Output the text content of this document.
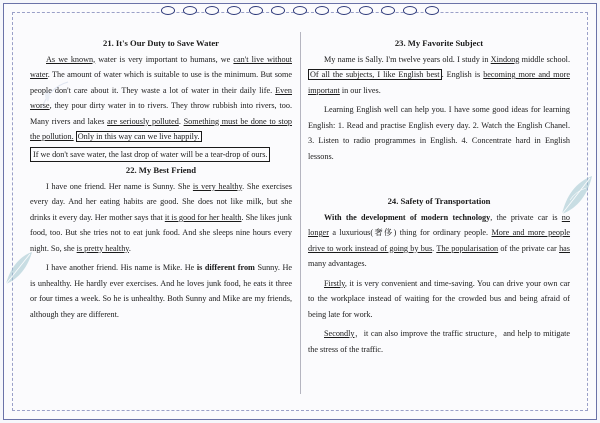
21. It's Our Duty to Save Water

As we known, water is very important to humans, we can't live without water. The amount of water which is suitable to use is the minimum. But some people don't care about it. They waste a lot of water in their daily life. Even worse, they pour dirty water in to rivers. They throw rubbish into rivers, too. Many rivers and lakes are seriously polluted. Something must be done to stop the pollution. Only in this way can we live happily.

If we don't save water, the last drop of water will be a tear-drop of ours.

22. My Best Friend

I have one friend. Her name is Sunny. She is very healthy. She exercises every day. And her eating habits are good. She does not like milk, but she drinks it every day. Her mother says that it is good for her health. She likes junk food, too. But she tries not to eat junk food. And she sleeps nine hours every night. So, she is pretty healthy.

I have another friend. His name is Mike. He is different from Sunny. He is unhealthy. He hardly ever exercises. And he loves junk food, he eats it three or four times a week. So he is unhealthy. Both Sunny and Mike are my friends, although they are different.

23. My Favorite Subject

My name is Sally. I'm twelve years old. I study in Xindong middle school. Of all the subjects, I like English best . English is becoming more and more important in our lives.

Learning English well can help you. I have some good ideas for learning English: 1. Read and practise English every day. 2. Watch the English Chanel. 3. Listen to radio programmes in English. 4. Concentrate hard in English lessons.

24. Safety of Transportation

With the development of modern technology, the private car is no longer a luxurious(奢侈) thing for ordinary people. More and more people drive to work instead of going by bus. The popularisation of the private car has many advantages.

Firstly, it is very convenient and time-saving. You can drive your own car to the workplace instead of waiting for the crowded bus and being afraid of being late for work.

Secondly，it can also improve the traffic structure，and help to mitigate the stress of the traffic.
